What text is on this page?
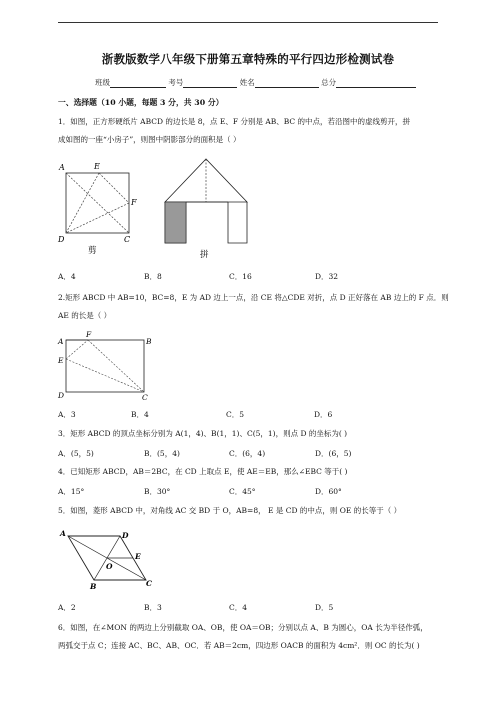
浙教版数学八年级下册第五章特殊的平行四边形检测试卷
班级	考号	姓名	总分
一、选择题（10 小题，每题 3 分，共 30 分）
1．如图，正方形硬纸片 ABCD 的边长是 8，点 E、F 分别是 AB、BC 的中点，若沿图中的虚线剪开，拼
成如图的一座“小房子”，则图中阴影部分的面积是（ ）
A	E
F
D	C
剪	拼
A．4	B．8	C．16	D．32
2.矩形 ABCD 中 AB=10，BC=8，E 为 AD 边上一点，沿 CE 将△CDE 对折，点 D 正好落在 AB 边上的 F 点．则
AE 的长是（ ）
A
F
B
E
D	C
A．3	B．4	C．5	D．6
3．矩形 ABCD 的顶点坐标分别为 A(1，4)、B(1，1)、C(5，1)，则点 D 的坐标为( )
A．(5，5)	B．(5，4)	C．(6，4)	D．(6，5)
4．已知矩形 ABCD，AB＝2BC，在 CD 上取点 E，使 AE＝EB，那么∠EBC 等于( )
A．15°	B．30°	C．45°	D．60°
5．如图，菱形 ABCD 中，对角线 AC 交 BD 于 O，AB=8， E 是 CD 的中点，则 OE 的长等于（ ）
A	D
E
O
B	C
A．2	B．3	C．4	D．5
6．如图，在∠MON 的两边上分别截取 OA、OB，使 OA＝OB；分别以点 A、B 为圆心，OA 长为半径作弧，
两弧交于点 C；连接 AC、BC、AB、OC．若 AB＝2cm，四边形 OACB 的面积为 4cm²．则 OC 的长为( )
